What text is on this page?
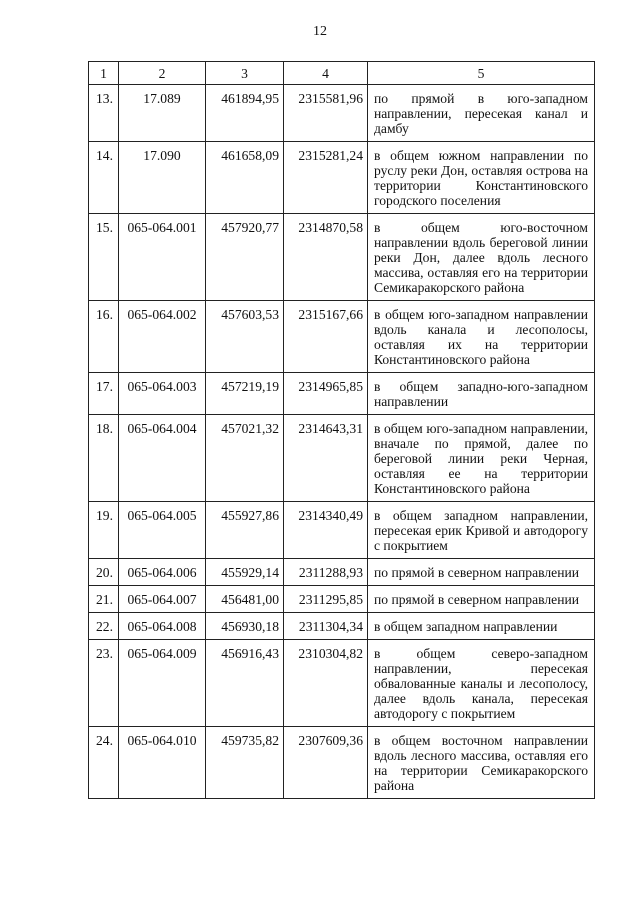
12
1	2	3	4	5
13.	17.089	461894,95	2315581,96	по прямой в юго-западном направлении, пересекая канал и дамбу
14.	17.090	461658,09	2315281,24	в общем южном направлении по руслу реки Дон, оставляя острова на территории Константиновского городского поселения
15.	065-064.001	457920,77	2314870,58	в общем юго-восточном направлении вдоль береговой линии реки Дон, далее вдоль лесного массива, оставляя его на территории Семикаракорского района
16.	065-064.002	457603,53	2315167,66	в общем юго-западном направлении вдоль канала и лесополосы, оставляя их на территории Константиновского района
17.	065-064.003	457219,19	2314965,85	в общем западно-юго-западном направлении
18.	065-064.004	457021,32	2314643,31	в общем юго-западном направлении, вначале по прямой, далее по береговой линии реки Черная, оставляя ее на территории Константиновского района
19.	065-064.005	455927,86	2314340,49	в общем западном направлении, пересекая ерик Кривой и автодорогу с покрытием
20.	065-064.006	455929,14	2311288,93	по прямой в северном направлении
21.	065-064.007	456481,00	2311295,85	по прямой в северном направлении
22.	065-064.008	456930,18	2311304,34	в общем западном направлении
23.	065-064.009	456916,43	2310304,82	в общем северо-западном направлении, пересекая обвалованные каналы и лесополосу, далее вдоль канала, пересекая автодорогу с покрытием
24.	065-064.010	459735,82	2307609,36	в общем восточном направлении вдоль лесного массива, оставляя его на территории Семикаракорского района
